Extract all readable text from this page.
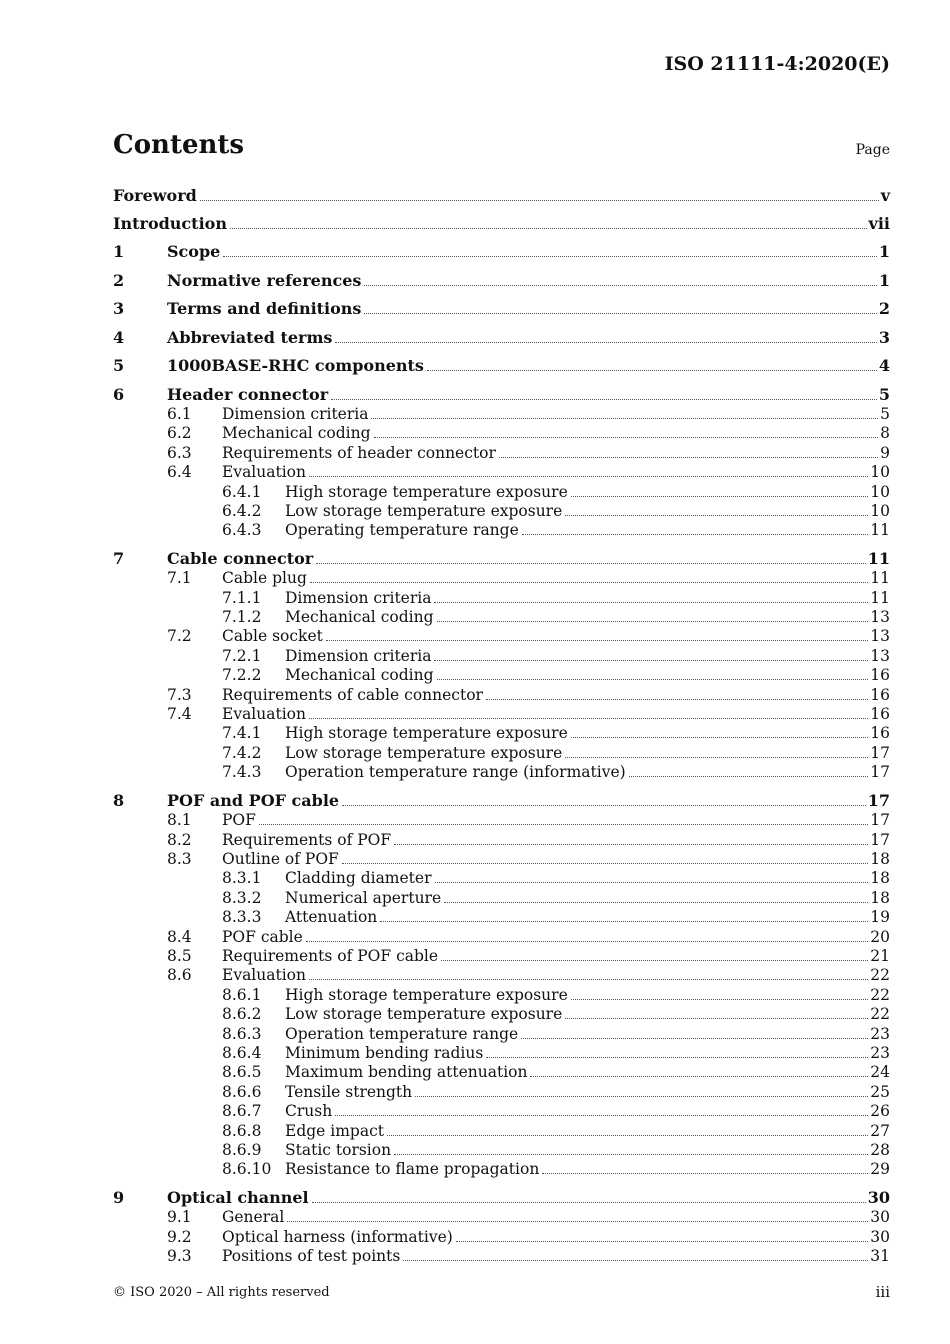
ISO 21111-4:2020(E)
Contents	Page
Foreword	v
Introduction	vii
1	Scope	1
2	Normative references	1
3	Terms and definitions	2
4	Abbreviated terms	3
5	1000BASE-RHC components	4
6	Header connector	5
6.1 Dimension criteria	5
6.2 Mechanical coding	8
6.3 Requirements of header connector	9
6.4 Evaluation	10
6.4.1 High storage temperature exposure	10
6.4.2 Low storage temperature exposure	10
6.4.3 Operating temperature range	11
7	Cable connector	11
7.1 Cable plug	11
7.1.1 Dimension criteria	11
7.1.2 Mechanical coding	13
7.2 Cable socket	13
7.2.1 Dimension criteria	13
7.2.2 Mechanical coding	16
7.3 Requirements of cable connector	16
7.4 Evaluation	16
7.4.1 High storage temperature exposure	16
7.4.2 Low storage temperature exposure	17
7.4.3 Operation temperature range (informative)	17
8	POF and POF cable	17
8.1 POF	17
8.2 Requirements of POF	17
8.3 Outline of POF	18
8.3.1 Cladding diameter	18
8.3.2 Numerical aperture	18
8.3.3 Attenuation	19
8.4 POF cable	20
8.5 Requirements of POF cable	21
8.6 Evaluation	22
8.6.1 High storage temperature exposure	22
8.6.2 Low storage temperature exposure	22
8.6.3 Operation temperature range	23
8.6.4 Minimum bending radius	23
8.6.5 Maximum bending attenuation	24
8.6.6 Tensile strength	25
8.6.7 Crush	26
8.6.8 Edge impact	27
8.6.9 Static torsion	28
8.6.10 Resistance to flame propagation	29
9	Optical channel	30
9.1 General	30
9.2 Optical harness (informative)	30
9.3 Positions of test points	31
© ISO 2020 – All rights reserved	iii
